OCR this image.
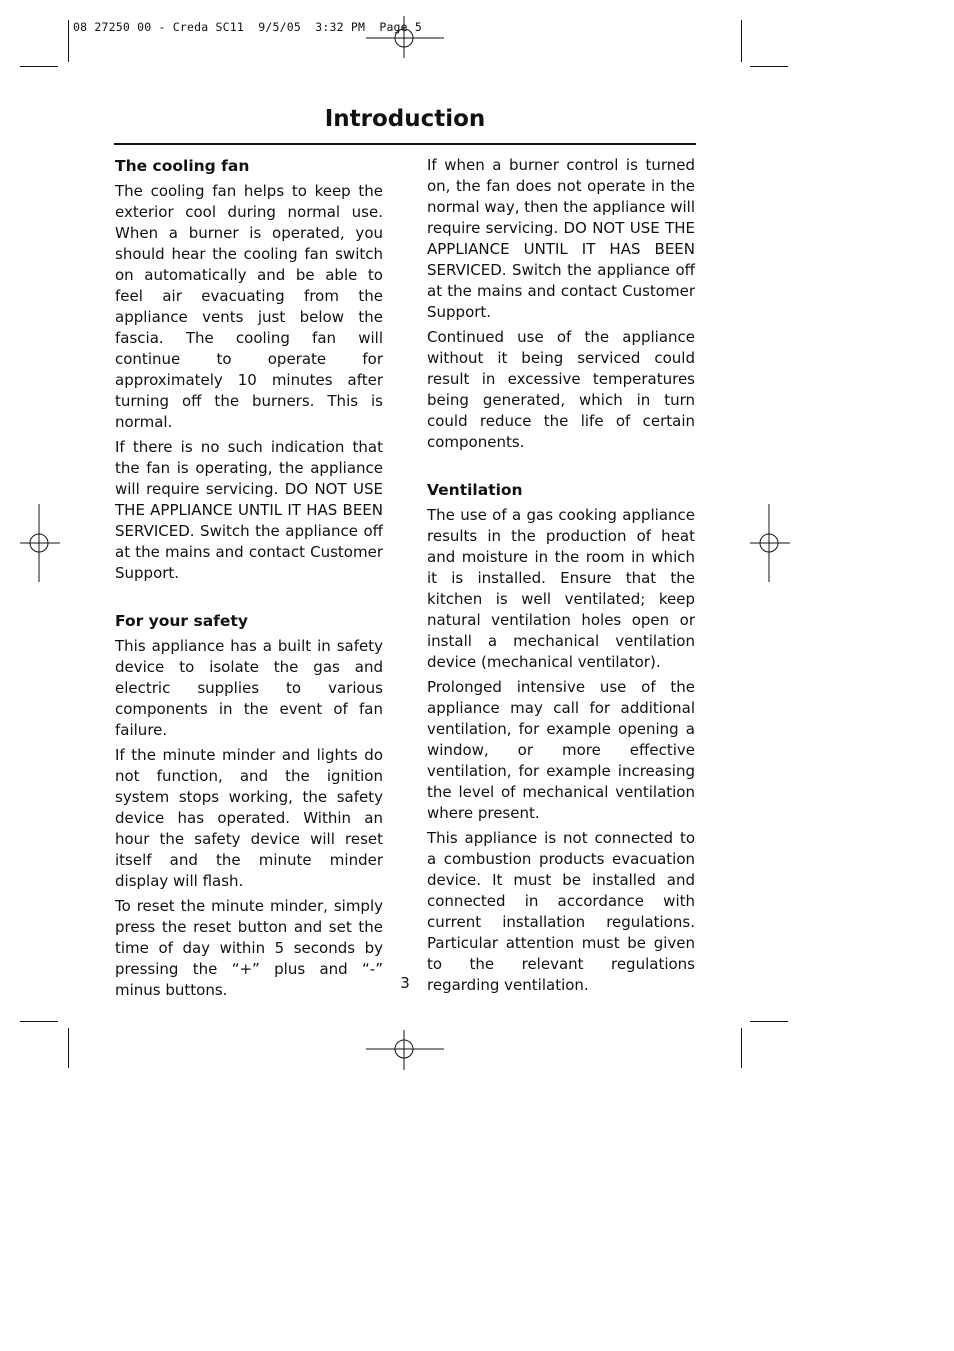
08 27250 00 - Creda SC11  9/5/05  3:32 PM  Page 5
Introduction
The cooling fan

The cooling fan helps to keep the exterior cool during normal use. When a burner is operated, you should hear the cooling fan switch on automatically and be able to feel air evacuating from the appliance vents just below the fascia. The cooling fan will continue to operate for approximately 10 minutes after turning off the burners. This is normal.

If there is no such indication that the fan is operating, the appliance will require servicing. DO NOT USE THE APPLIANCE UNTIL IT HAS BEEN SERVICED. Switch the appliance off at the mains and contact Customer Support.

For your safety

This appliance has a built in safety device to isolate the gas and electric supplies to various components in the event of fan failure.

If the minute minder and lights do not function, and the ignition system stops working, the safety device has operated. Within an hour the safety device will reset itself and the minute minder display will flash.

To reset the minute minder, simply press the reset button and set the time of day within 5 seconds by pressing the “+” plus and “-” minus buttons.

If when a burner control is turned on, the fan does not operate in the normal way, then the appliance will require servicing. DO NOT USE THE APPLIANCE UNTIL IT HAS BEEN SERVICED. Switch the appliance off at the mains and contact Customer Support.

Continued use of the appliance without it being serviced could result in excessive temperatures being generated, which in turn could reduce the life of certain components.

Ventilation

The use of a gas cooking appliance results in the production of heat and moisture in the room in which it is installed. Ensure that the kitchen is well ventilated; keep natural ventilation holes open or install a mechanical ventilation device (mechanical ventilator).

Prolonged intensive use of the appliance may call for additional ventilation, for example opening a window, or more effective ventilation, for example increasing the level of mechanical ventilation where present.

This appliance is not connected to a combustion products evacuation device. It must be installed and connected in accordance with current installation regulations. Particular attention must be given to the relevant regulations regarding ventilation.

3
